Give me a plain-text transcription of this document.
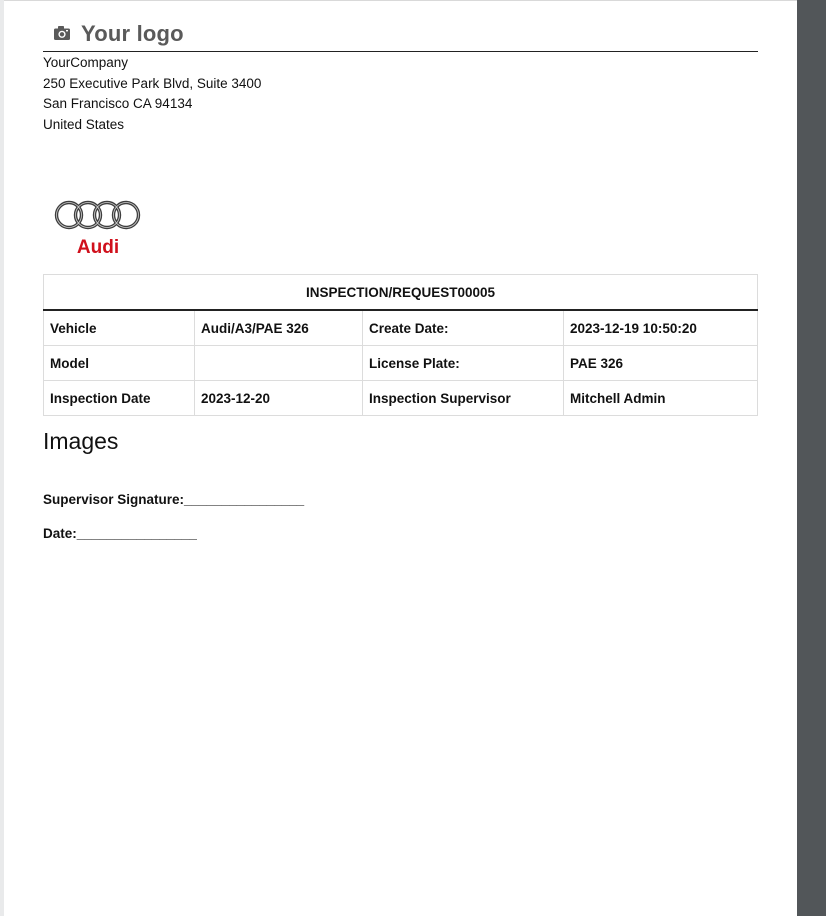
Your logo
YourCompany
250 Executive Park Blvd, Suite 3400
San Francisco CA 94134
United States
Audi
INSPECTION/REQUEST00005			
Vehicle	Audi/A3/PAE 326	Create Date:	2023-12-19 10:50:20
Model		License Plate:	PAE 326
Inspection Date	2023-12-20	Inspection Supervisor	Mitchell Admin
Images
Supervisor Signature:________________
Date:________________
